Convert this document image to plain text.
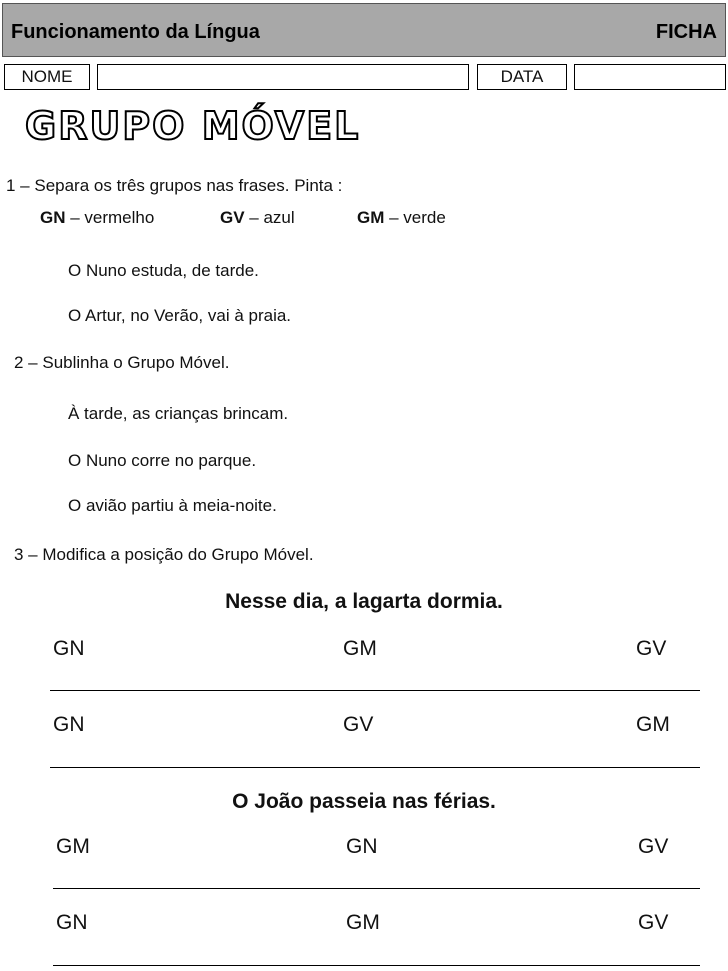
Funcionamento da Língua	FICHA
NOME	DATA
GRUPO MÓVEL
1 – Separa os três grupos nas frases. Pinta :
GN – vermelho	GV – azul	GM – verde
O Nuno estuda, de tarde.
O Artur, no Verão, vai à praia.
2 – Sublinha o Grupo Móvel.
À tarde, as crianças brincam.
O Nuno corre no parque.
O avião partiu à meia-noite.
3 – Modifica a posição do Grupo Móvel.
Nesse dia, a lagarta dormia.
GN	GM	GV
GN	GV	GM
O João passeia nas férias.
GM	GN	GV
GN	GM	GV
